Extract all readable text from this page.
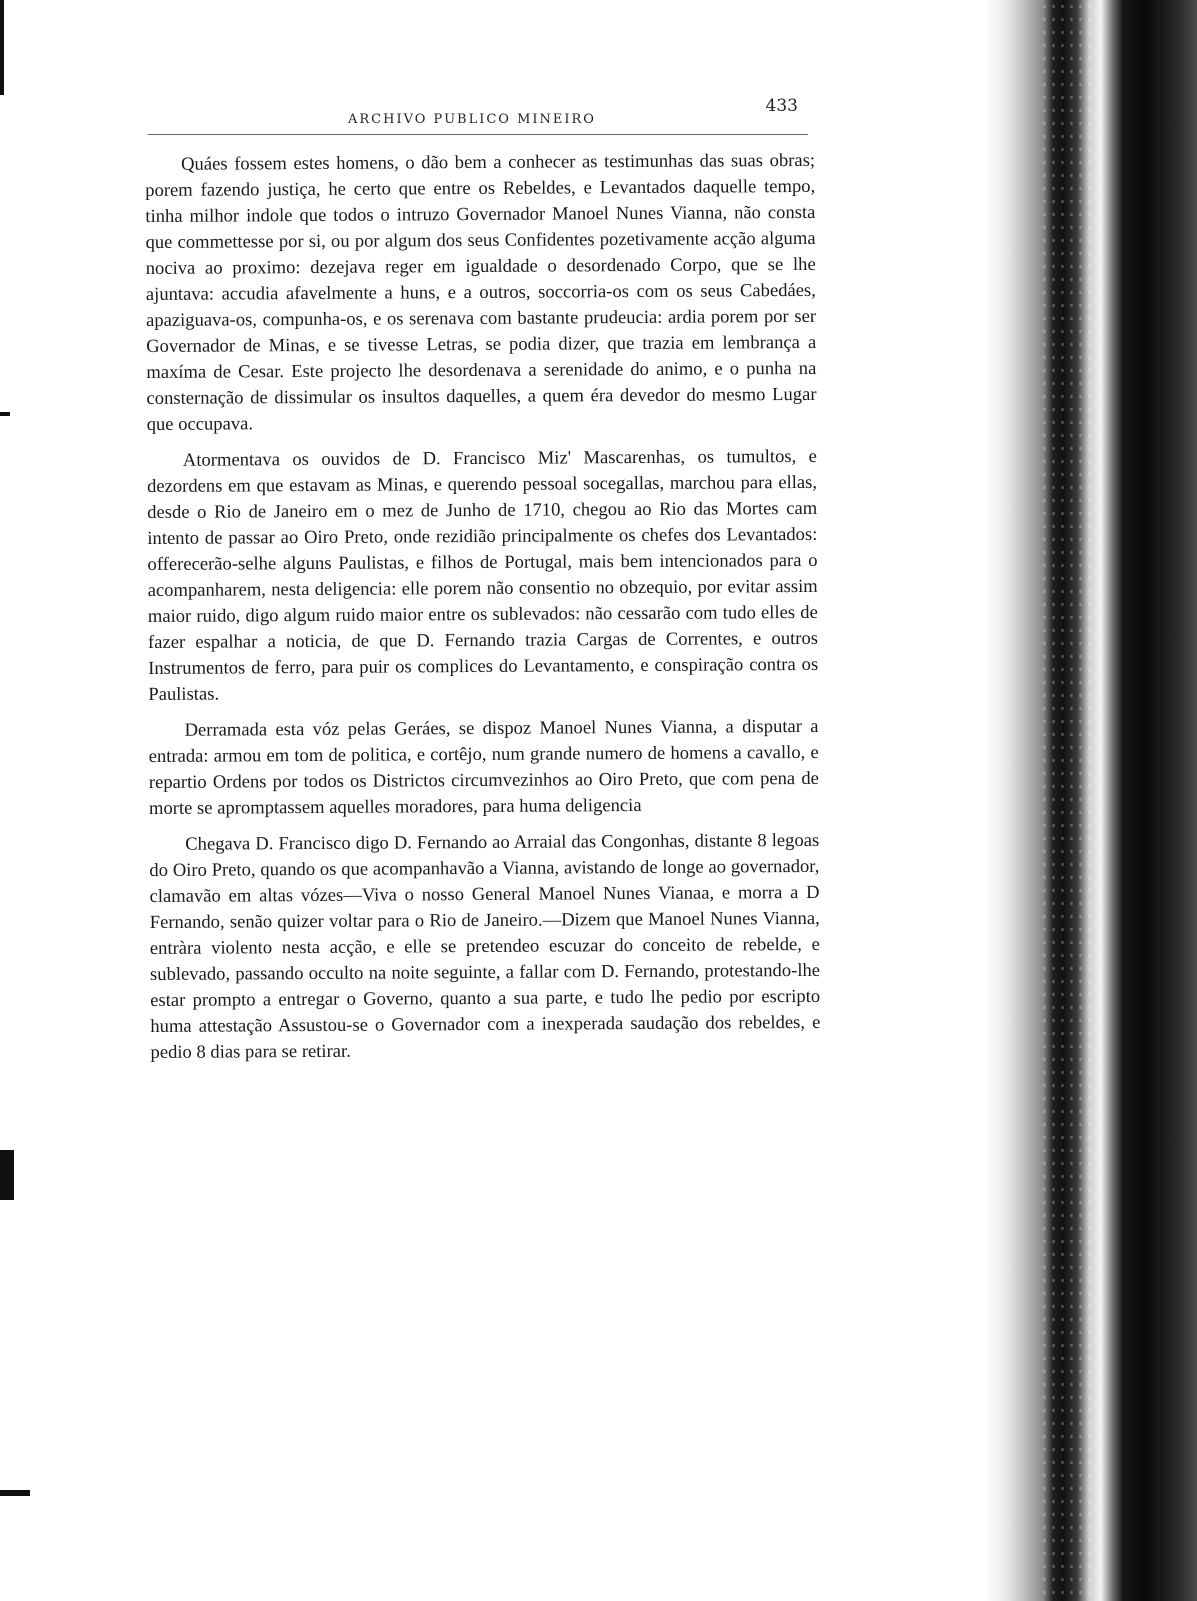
ARCHIVO PUBLICO MINEIRO
433

Quáes fossem estes homens, o dão bem a conhecer as testimunhas das suas obras; porem fazendo justiça, he certo que entre os Rebeldes, e Levantados daquelle tempo, tinha milhor indole que todos o intruzo Governador Manoel Nunes Vianna, não consta que commettesse por si, ou por algum dos seus Confidentes pozetivamente acção alguma nociva ao proximo: dezejava reger em igualdade o desordenado Corpo, que se lhe ajuntava: accudia afavelmente a huns, e a outros, soccorria-os com os seus Cabedáes, apaziguava-os, compunha-os, e os serenava com bastante prudeucia: ardia porem por ser Governador de Minas, e se tivesse Letras, se podia dizer, que trazia em lembrança a maxíma de Cesar. Este projecto lhe desordenava a serenidade do animo, e o punha na consternação de dissimular os insultos daquelles, a quem éra devedor do mesmo Lugar que occupava.

Atormentava os ouvidos de D. Francisco Miz' Mascarenhas, os tumultos, e dezordens em que estavam as Minas, e querendo pessoal socegallas, marchou para ellas, desde o Rio de Janeiro em o mez de Junho de 1710, chegou ao Rio das Mortes cam intento de passar ao Oiro Preto, onde rezidião principalmente os chefes dos Levantados: offerecerão-selhe alguns Paulistas, e filhos de Portugal, mais bem intencionados para o acompanharem, nesta deligencia: elle porem não consentio no obzequio, por evitar assim maior ruido, digo algum ruido maior entre os sublevados: não cessarão com tudo elles de fazer espalhar a noticia, de que D. Fernando trazia Cargas de Correntes, e outros Instrumentos de ferro, para puir os complices do Levantamento, e conspiração contra os Paulistas.

Derramada esta vóz pelas Geráes, se dispoz Manoel Nunes Vianna, a disputar a entrada: armou em tom de politica, e cortêjo, num grande numero de homens a cavallo, e repartio Ordens por todos os Districtos circumvezinhos ao Oiro Preto, que com pena de morte se apromptassem aquelles moradores, para huma deligencia

Chegava D. Francisco digo D. Fernando ao Arraial das Congonhas, distante 8 legoas do Oiro Preto, quando os que acompanhavão a Vianna, avistando de longe ao governador, clamavão em altas vózes—Viva o nosso General Manoel Nunes Vianaa, e morra a D Fernando, senão quizer voltar para o Rio de Janeiro.—Dizem que Manoel Nunes Vianna, entràra violento nesta acção, e elle se pretendeo escuzar do conceito de rebelde, e sublevado, passando occulto na noite seguinte, a fallar com D. Fernando, protestando-lhe estar prompto a entregar o Governo, quanto a sua parte, e tudo lhe pedio por escripto huma attestação Assustou-se o Governador com a inexperada saudação dos rebeldes, e pedio 8 dias para se retirar.
